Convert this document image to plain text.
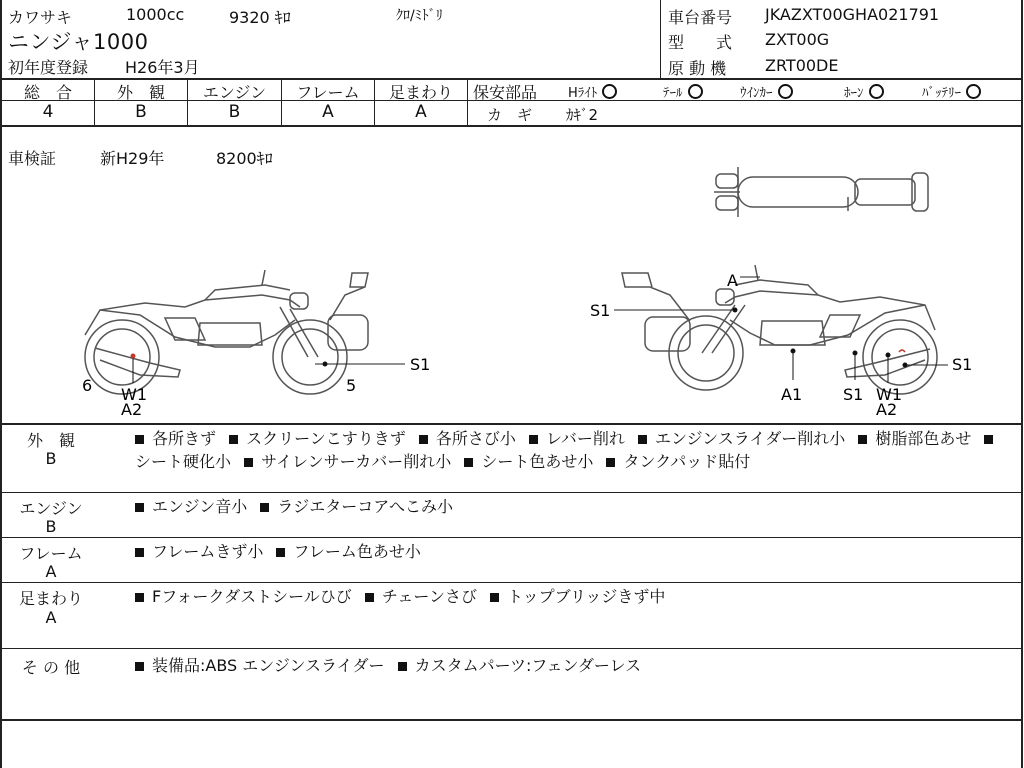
カワサキ	1000cc	9320 ｷﾛ	ｸﾛ/ﾐﾄﾞﾘ
ニンジャ1000
初年度登録 H26年3月
車台番号 JKAZXT00GHA021791
型　　式 ZXT00G
原 動 機 ZRT00DE
総　合
4
外　観
B
エンジン
B
フレーム
A
足まわり
A
保安部品 Hﾗｲﾄ	ﾃｰﾙ	ｳｲﾝｶｰ	ﾎｰﾝ	ﾊﾞｯﾃﾘｰ
カ　ギ ｶｷﾞ2
車検証	新H29年	8200ｷﾛ
S1
6	5
W1
A2
A
S1
A1	S1 W1
A2
S1
外　観
B
各所きず スクリーンこすりきず 各所さび小 レバー削れ エンジンスライダー削れ小 樹脂部色あせ シート硬化小 サイレンサーカバー削れ小 シート色あせ小 タンクパッド貼付
エンジン
B
エンジン音小 ラジエターコアへこみ小
フレーム
A
フレームきず小 フレーム色あせ小
足まわり
A
Fフォークダストシールひび チェーンさび トップブリッジきず中
そ の 他	装備品:ABS エンジンスライダー カスタムパーツ:フェンダーレス
